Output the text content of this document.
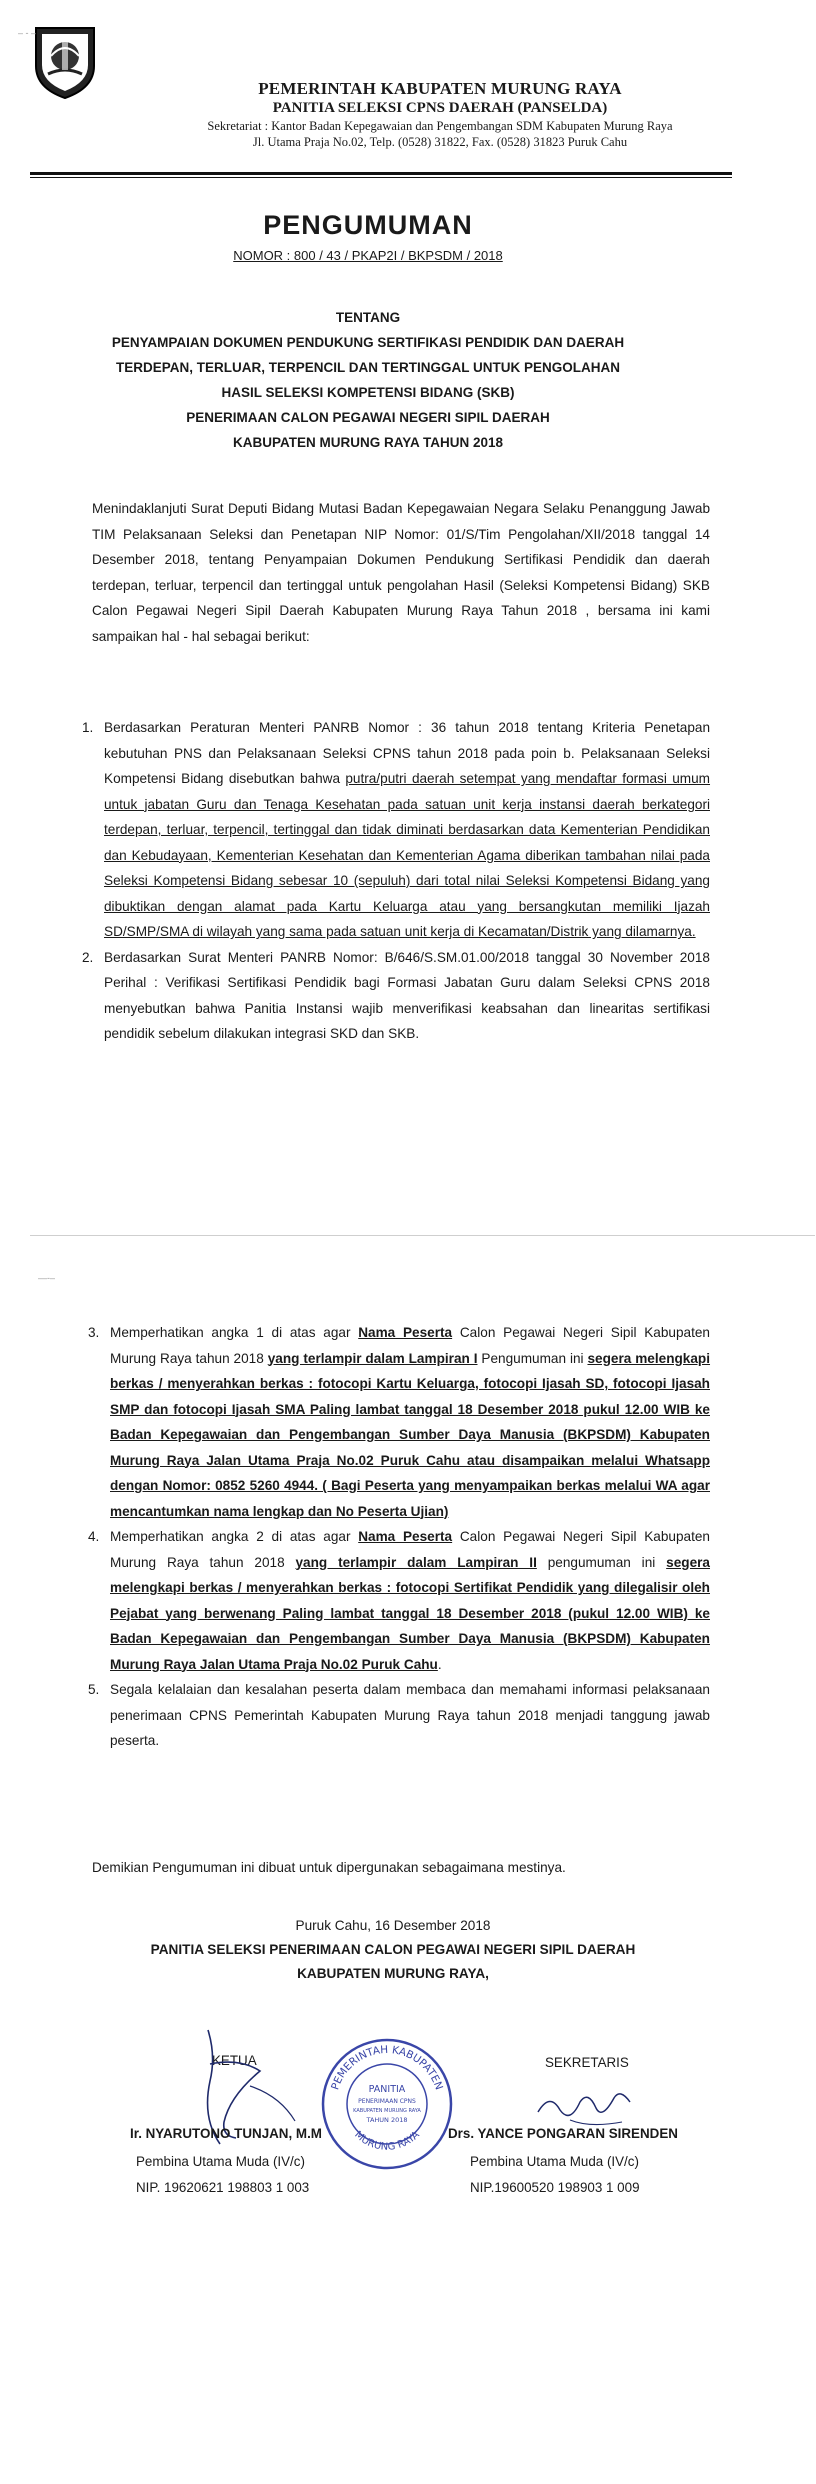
PEMERINTAH KABUPATEN MURUNG RAYA
PANITIA SELEKSI CPNS DAERAH (PANSELDA)
Sekretariat : Kantor Badan Kepegawaian dan Pengembangan SDM Kabupaten Murung Raya
Jl. Utama Praja No.02, Telp. (0528) 31822, Fax. (0528) 31823 Puruk Cahu
PENGUMUMAN
NOMOR : 800 / 43 / PKAP2I / BKPSDM / 2018
TENTANG
PENYAMPAIAN DOKUMEN PENDUKUNG SERTIFIKASI PENDIDIK DAN DAERAH
TERDEPAN, TERLUAR, TERPENCIL DAN TERTINGGAL UNTUK PENGOLAHAN
HASIL SELEKSI KOMPETENSI BIDANG (SKB)
PENERIMAAN CALON PEGAWAI NEGERI SIPIL DAERAH
KABUPATEN MURUNG RAYA TAHUN 2018
Menindaklanjuti Surat Deputi Bidang Mutasi Badan Kepegawaian Negara Selaku Penanggung Jawab TIM Pelaksanaan Seleksi dan Penetapan NIP Nomor: 01/S/Tim Pengolahan/XII/2018 tanggal 14 Desember 2018, tentang Penyampaian Dokumen Pendukung Sertifikasi Pendidik dan daerah terdepan, terluar, terpencil dan tertinggal untuk pengolahan Hasil (Seleksi Kompetensi Bidang) SKB Calon Pegawai Negeri Sipil Daerah Kabupaten Murung Raya Tahun 2018 , bersama ini kami sampaikan hal - hal sebagai berikut:
1. Berdasarkan Peraturan Menteri PANRB Nomor : 36 tahun 2018 tentang Kriteria Penetapan kebutuhan PNS dan Pelaksanaan Seleksi CPNS tahun 2018 pada poin b. Pelaksanaan Seleksi Kompetensi Bidang disebutkan bahwa putra/putri daerah setempat yang mendaftar formasi umum untuk jabatan Guru dan Tenaga Kesehatan pada satuan unit kerja instansi daerah berkategori terdepan, terluar, terpencil, tertinggal dan tidak diminati berdasarkan data Kementerian Pendidikan dan Kebudayaan, Kementerian Kesehatan dan Kementerian Agama diberikan tambahan nilai pada Seleksi Kompetensi Bidang sebesar 10 (sepuluh) dari total nilai Seleksi Kompetensi Bidang yang dibuktikan dengan alamat pada Kartu Keluarga atau yang bersangkutan memiliki Ijazah SD/SMP/SMA di wilayah yang sama pada satuan unit kerja di Kecamatan/Distrik yang dilamarnya.
2. Berdasarkan Surat Menteri PANRB Nomor: B/646/S.SM.01.00/2018 tanggal 30 November 2018 Perihal : Verifikasi Sertifikasi Pendidik bagi Formasi Jabatan Guru dalam Seleksi CPNS 2018 menyebutkan bahwa Panitia Instansi wajib menverifikasi keabsahan dan linearitas sertifikasi pendidik sebelum dilakukan integrasi SKD dan SKB.
—‑–
– ‑ –
3. Memperhatikan angka 1 di atas agar Nama Peserta Calon Pegawai Negeri Sipil Kabupaten Murung Raya tahun 2018 yang terlampir dalam Lampiran I Pengumuman ini segera melengkapi berkas / menyerahkan berkas : fotocopi Kartu Keluarga, fotocopi Ijasah SD, fotocopi Ijasah SMP dan fotocopi Ijasah SMA Paling lambat tanggal 18 Desember 2018 pukul 12.00 WIB ke Badan Kepegawaian dan Pengembangan Sumber Daya Manusia (BKPSDM) Kabupaten Murung Raya Jalan Utama Praja No.02 Puruk Cahu atau disampaikan melalui Whatsapp dengan Nomor: 0852 5260 4944. ( Bagi Peserta yang menyampaikan berkas melalui WA agar mencantumkan nama lengkap dan No Peserta Ujian)
4. Memperhatikan angka 2 di atas agar Nama Peserta Calon Pegawai Negeri Sipil Kabupaten Murung Raya tahun 2018 yang terlampir dalam Lampiran II pengumuman ini segera melengkapi berkas / menyerahkan berkas : fotocopi Sertifikat Pendidik yang dilegalisir oleh Pejabat yang berwenang Paling lambat tanggal 18 Desember 2018 (pukul 12.00 WIB) ke Badan Kepegawaian dan Pengembangan Sumber Daya Manusia (BKPSDM) Kabupaten Murung Raya Jalan Utama Praja No.02 Puruk Cahu.
5. Segala kelalaian dan kesalahan peserta dalam membaca dan memahami informasi pelaksanaan penerimaan CPNS Pemerintah Kabupaten Murung Raya tahun 2018 menjadi tanggung jawab peserta.
Demikian Pengumuman ini dibuat untuk dipergunakan sebagaimana mestinya.
Puruk Cahu, 16 Desember 2018
PANITIA SELEKSI PENERIMAAN CALON PEGAWAI NEGERI SIPIL DAERAH
KABUPATEN MURUNG RAYA,
KETUA
Ir. NYARUTONO TUNJAN, M.M
Pembina Utama Muda (IV/c)
NIP. 19620621 198803 1 003
PEMERINTAH KABUPATEN
MURUNG RAYA
PANITIA
PENERIMAAN CPNS
KABUPATEN MURUNG RAYA
TAHUN 2018
SEKRETARIS
Drs. YANCE PONGARAN SIRENDEN
Pembina Utama Muda (IV/c)
NIP.19600520 198903 1 009
